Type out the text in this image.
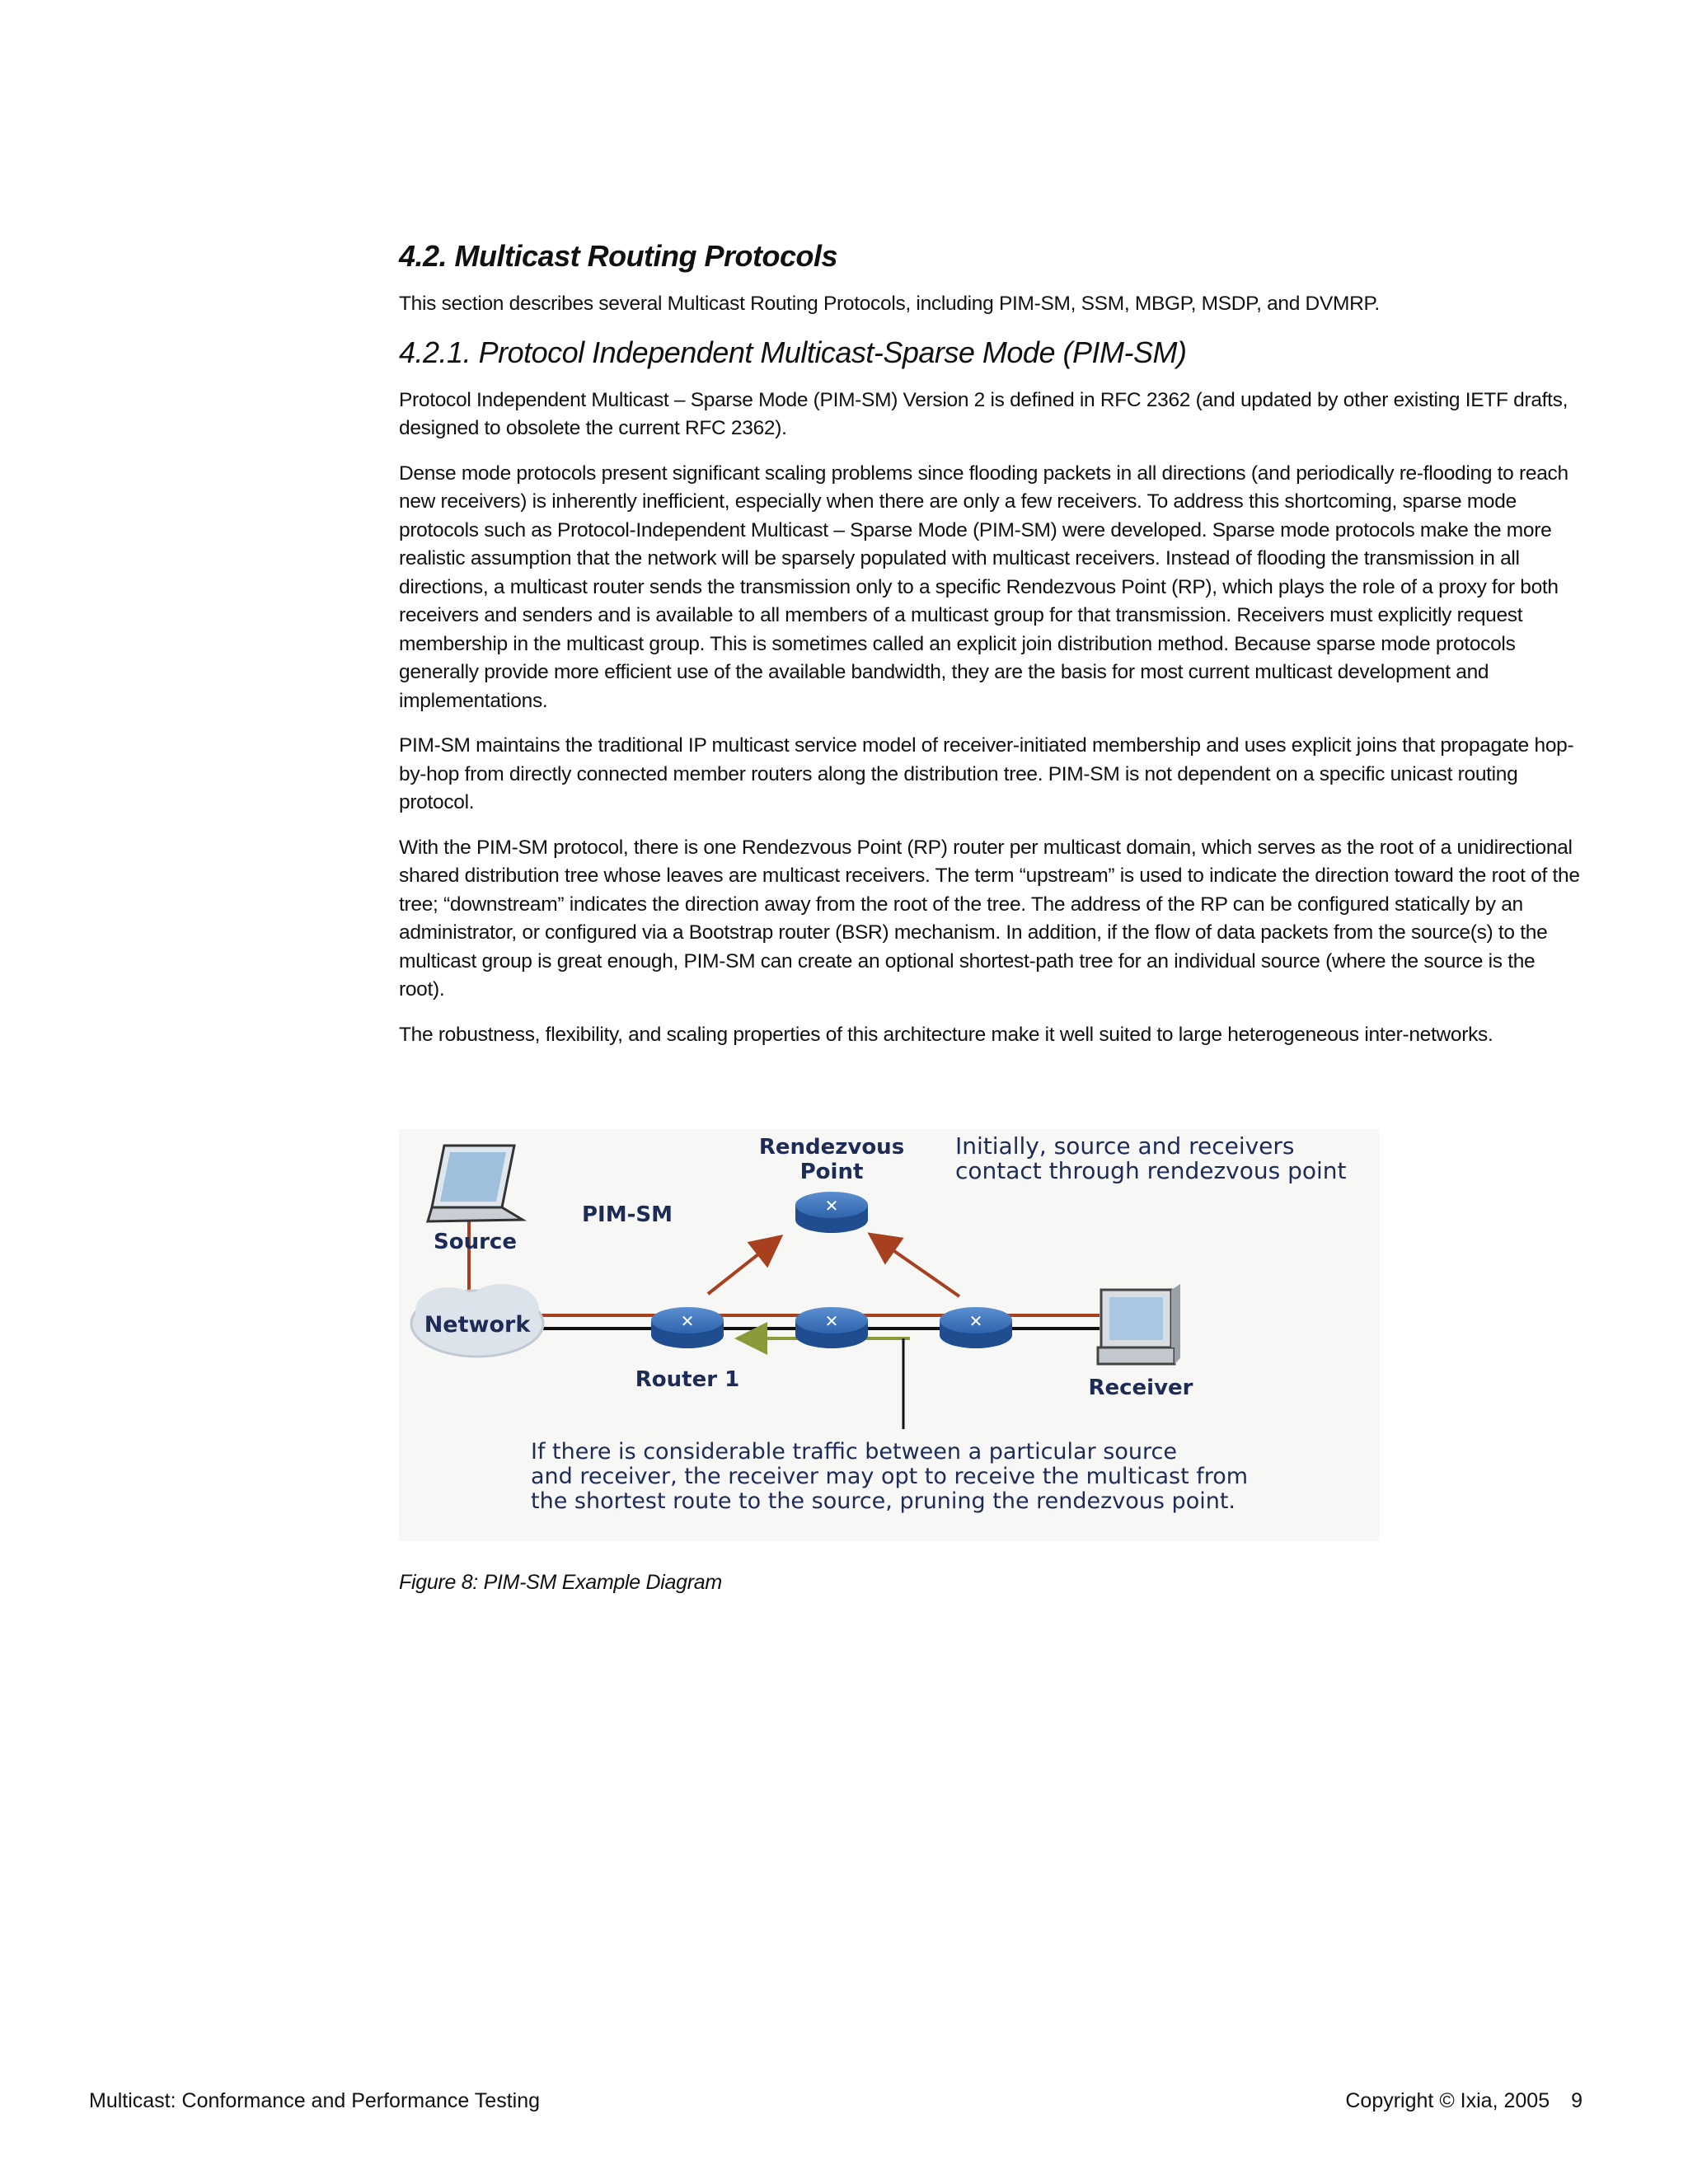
4.2. Multicast Routing Protocols

This section describes several Multicast Routing Protocols, including PIM-SM, SSM, MBGP, MSDP, and DVMRP.

4.2.1. Protocol Independent Multicast-Sparse Mode (PIM-SM)

Protocol Independent Multicast – Sparse Mode (PIM-SM) Version 2 is defined in RFC 2362 (and updated by other existing IETF drafts, designed to obsolete the current RFC 2362).

Dense mode protocols present significant scaling problems since flooding packets in all directions (and periodically re-flooding to reach new receivers) is inherently inefficient, especially when there are only a few receivers. To address this shortcoming, sparse mode protocols such as Protocol-Independent Multicast – Sparse Mode (PIM-SM) were developed. Sparse mode protocols make the more realistic assumption that the network will be sparsely populated with multicast receivers. Instead of flooding the transmission in all directions, a multicast router sends the transmission only to a specific Rendezvous Point (RP), which plays the role of a proxy for both receivers and senders and is available to all members of a multicast group for that transmission. Receivers must explicitly request membership in the multicast group. This is sometimes called an explicit join distribution method. Because sparse mode protocols generally provide more efficient use of the available bandwidth, they are the basis for most current multicast development and implementations.

PIM-SM maintains the traditional IP multicast service model of receiver-initiated membership and uses explicit joins that propagate hop-by-hop from directly connected member routers along the distribution tree. PIM-SM is not dependent on a specific unicast routing protocol.

With the PIM-SM protocol, there is one Rendezvous Point (RP) router per multicast domain, which serves as the root of a unidirectional shared distribution tree whose leaves are multicast receivers. The term “upstream” is used to indicate the direction toward the root of the tree; “downstream” indicates the direction away from the root of the tree. The address of the RP can be configured statically by an administrator, or configured via a Bootstrap router (BSR) mechanism. In addition, if the flow of data packets from the source(s) to the multicast group is great enough, PIM-SM can create an optional shortest-path tree for an individual source (where the source is the root).

The robustness, flexibility, and scaling properties of this architecture make it well suited to large heterogeneous inter-networks.

✕	✕	✕
✕
Rendezvous
Point
Initially, source and receivers
contact through rendezvous point
PIM-SM
Source
Network
Router 1	Receiver
If there is considerable traffic between a particular source
and receiver, the receiver may opt to receive the multicast from
the shortest route to the source, pruning the rendezvous point.
Figure 8: PIM-SM Example Diagram
Multicast: Conformance and Performance Testing	Copyright © Ixia, 2005 9
